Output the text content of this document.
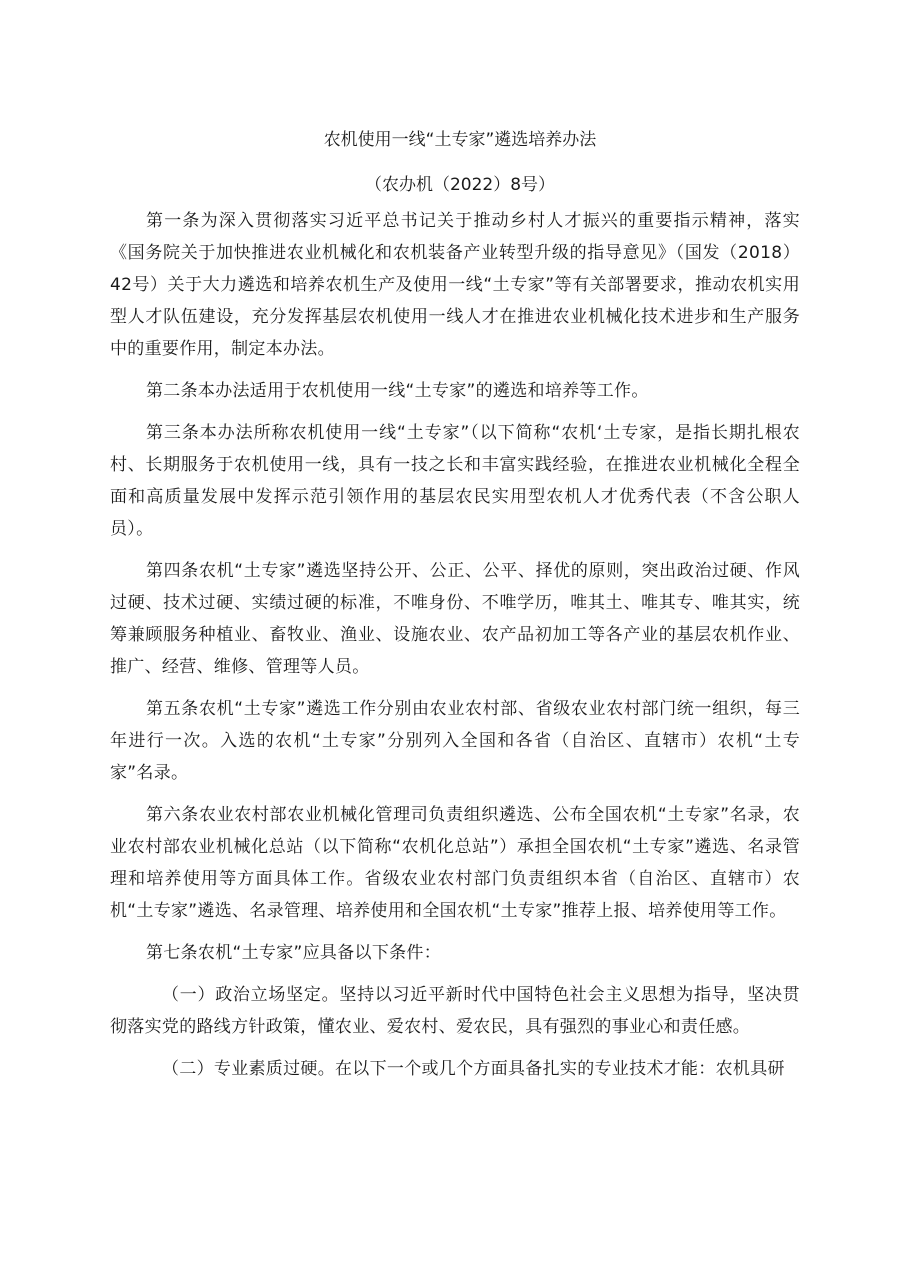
农机使用一线“土专家”遴选培养办法
（农办机（2022）8号）

第一条为深入贯彻落实习近平总书记关于推动乡村人才振兴的重要指示精神，落实《国务院关于加快推进农业机械化和农机装备产业转型升级的指导意见》（国发（2018）42号）关于大力遴选和培养农机生产及使用一线“土专家”等有关部署要求，推动农机实用型人才队伍建设，充分发挥基层农机使用一线人才在推进农业机械化技术进步和生产服务中的重要作用，制定本办法。

第二条本办法适用于农机使用一线“土专家”的遴选和培养等工作。

第三条本办法所称农机使用一线“土专家”（以下简称“农机‘土专家，是指长期扎根农村、长期服务于农机使用一线，具有一技之长和丰富实践经验，在推进农业机械化全程全面和高质量发展中发挥示范引领作用的基层农民实用型农机人才优秀代表（不含公职人员）。

第四条农机“土专家”遴选坚持公开、公正、公平、择优的原则，突出政治过硬、作风过硬、技术过硬、实绩过硬的标准，不唯身份、不唯学历，唯其土、唯其专、唯其实，统筹兼顾服务种植业、畜牧业、渔业、设施农业、农产品初加工等各产业的基层农机作业、推广、经营、维修、管理等人员。

第五条农机“土专家”遴选工作分别由农业农村部、省级农业农村部门统一组织，每三年进行一次。入选的农机“土专家”分别列入全国和各省（自治区、直辖市）农机“土专家”名录。

第六条农业农村部农业机械化管理司负责组织遴选、公布全国农机“土专家”名录，农业农村部农业机械化总站（以下简称“农机化总站”）承担全国农机“土专家”遴选、名录管理和培养使用等方面具体工作。省级农业农村部门负责组织本省（自治区、直辖市）农机“土专家”遴选、名录管理、培养使用和全国农机“土专家”推荐上报、培养使用等工作。

第七条农机“土专家”应具备以下条件：

（一）政治立场坚定。坚持以习近平新时代中国特色社会主义思想为指导，坚决贯彻落实党的路线方针政策，懂农业、爱农村、爱农民，具有强烈的事业心和责任感。

（二）专业素质过硬。在以下一个或几个方面具备扎实的专业技术才能：农机具研
